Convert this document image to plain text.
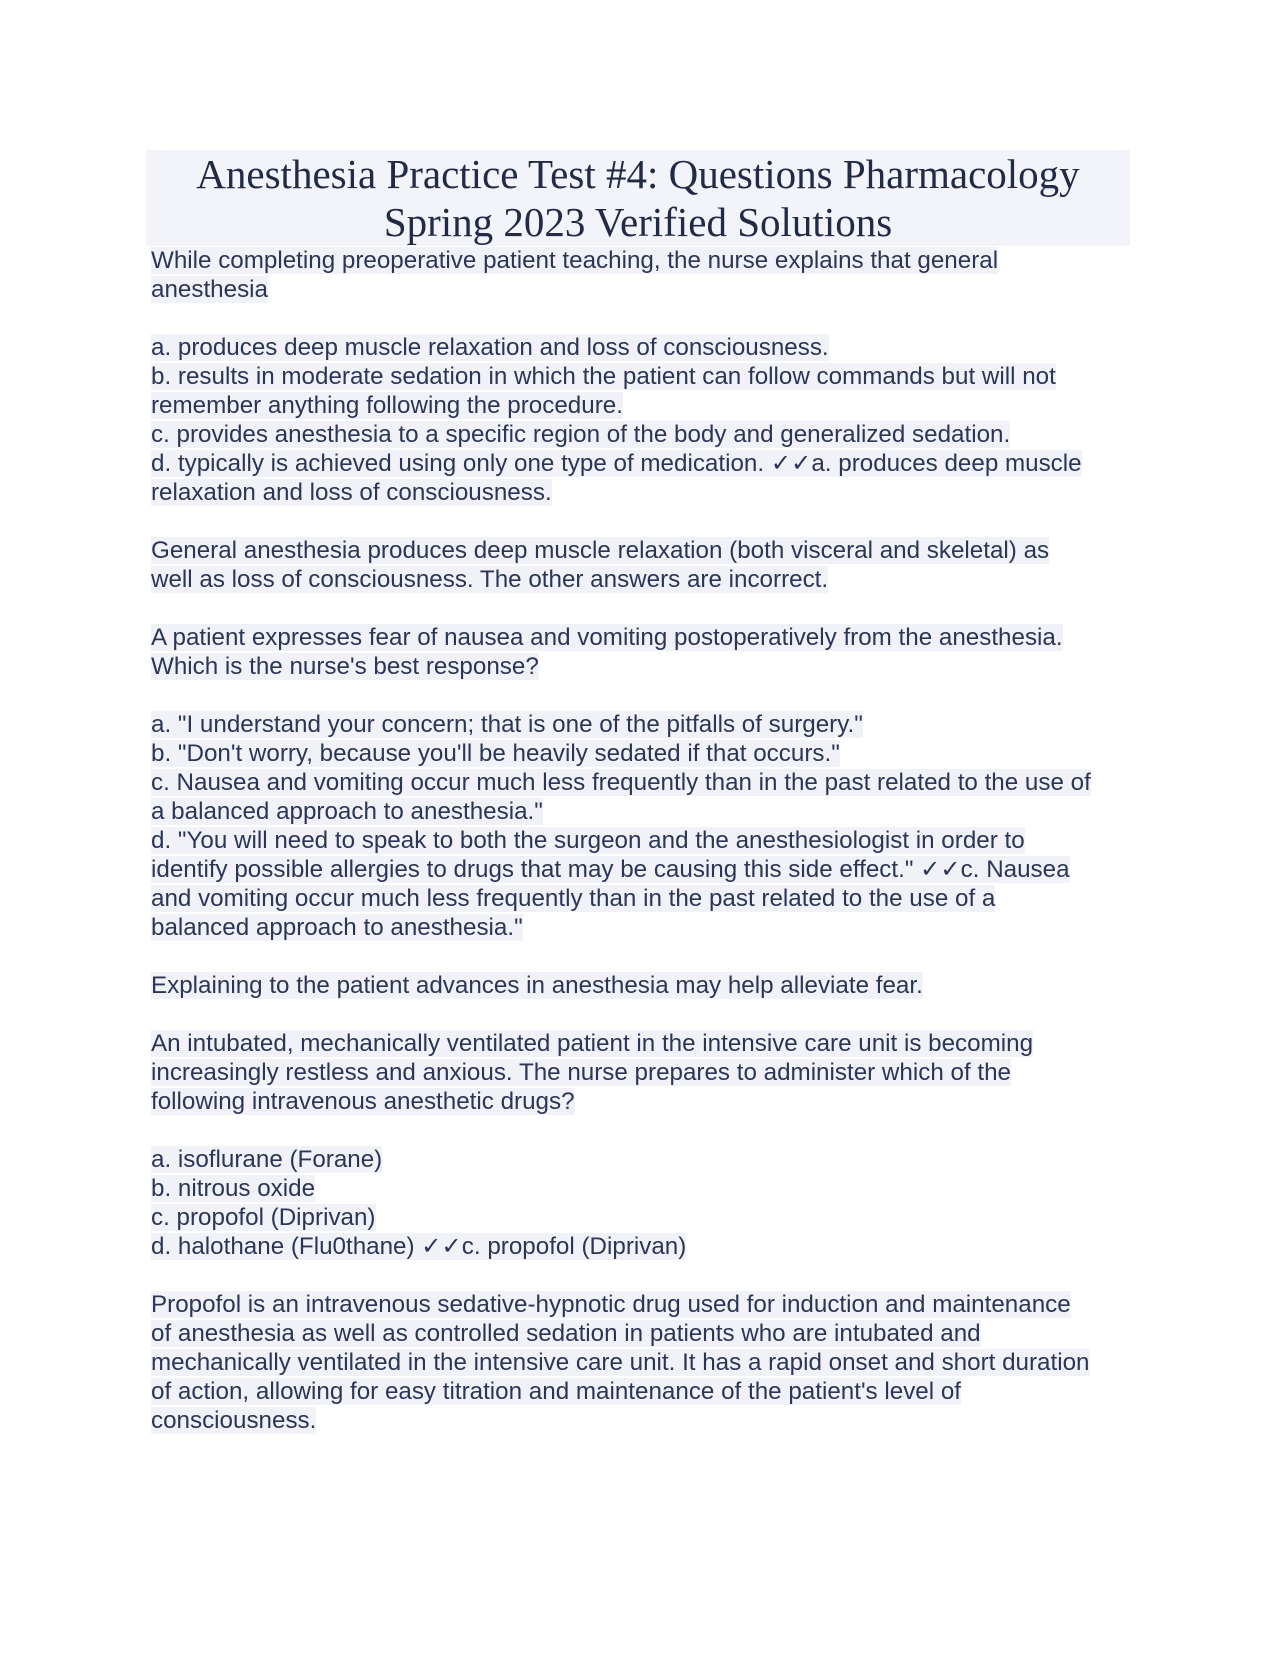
Anesthesia Practice Test #4: Questions Pharmacology
Spring 2023 Verified Solutions

While completing preoperative patient teaching, the nurse explains that general
anesthesia

a. produces deep muscle relaxation and loss of consciousness.
b. results in moderate sedation in which the patient can follow commands but will not
remember anything following the procedure.
c. provides anesthesia to a specific region of the body and generalized sedation.
d. typically is achieved using only one type of medication. ✓✓a. produces deep muscle
relaxation and loss of consciousness.

General anesthesia produces deep muscle relaxation (both visceral and skeletal) as
well as loss of consciousness. The other answers are incorrect.

A patient expresses fear of nausea and vomiting postoperatively from the anesthesia.
Which is the nurse's best response?

a. "I understand your concern; that is one of the pitfalls of surgery."
b. "Don't worry, because you'll be heavily sedated if that occurs."
c. Nausea and vomiting occur much less frequently than in the past related to the use of
a balanced approach to anesthesia."
d. "You will need to speak to both the surgeon and the anesthesiologist in order to
identify possible allergies to drugs that may be causing this side effect." ✓✓c. Nausea
and vomiting occur much less frequently than in the past related to the use of a
balanced approach to anesthesia."

Explaining to the patient advances in anesthesia may help alleviate fear.

An intubated, mechanically ventilated patient in the intensive care unit is becoming
increasingly restless and anxious. The nurse prepares to administer which of the
following intravenous anesthetic drugs?

a. isoflurane (Forane)
b. nitrous oxide
c. propofol (Diprivan)
d. halothane (Flu0thane) ✓✓c. propofol (Diprivan)

Propofol is an intravenous sedative-hypnotic drug used for induction and maintenance
of anesthesia as well as controlled sedation in patients who are intubated and
mechanically ventilated in the intensive care unit. It has a rapid onset and short duration
of action, allowing for easy titration and maintenance of the patient's level of
consciousness.
